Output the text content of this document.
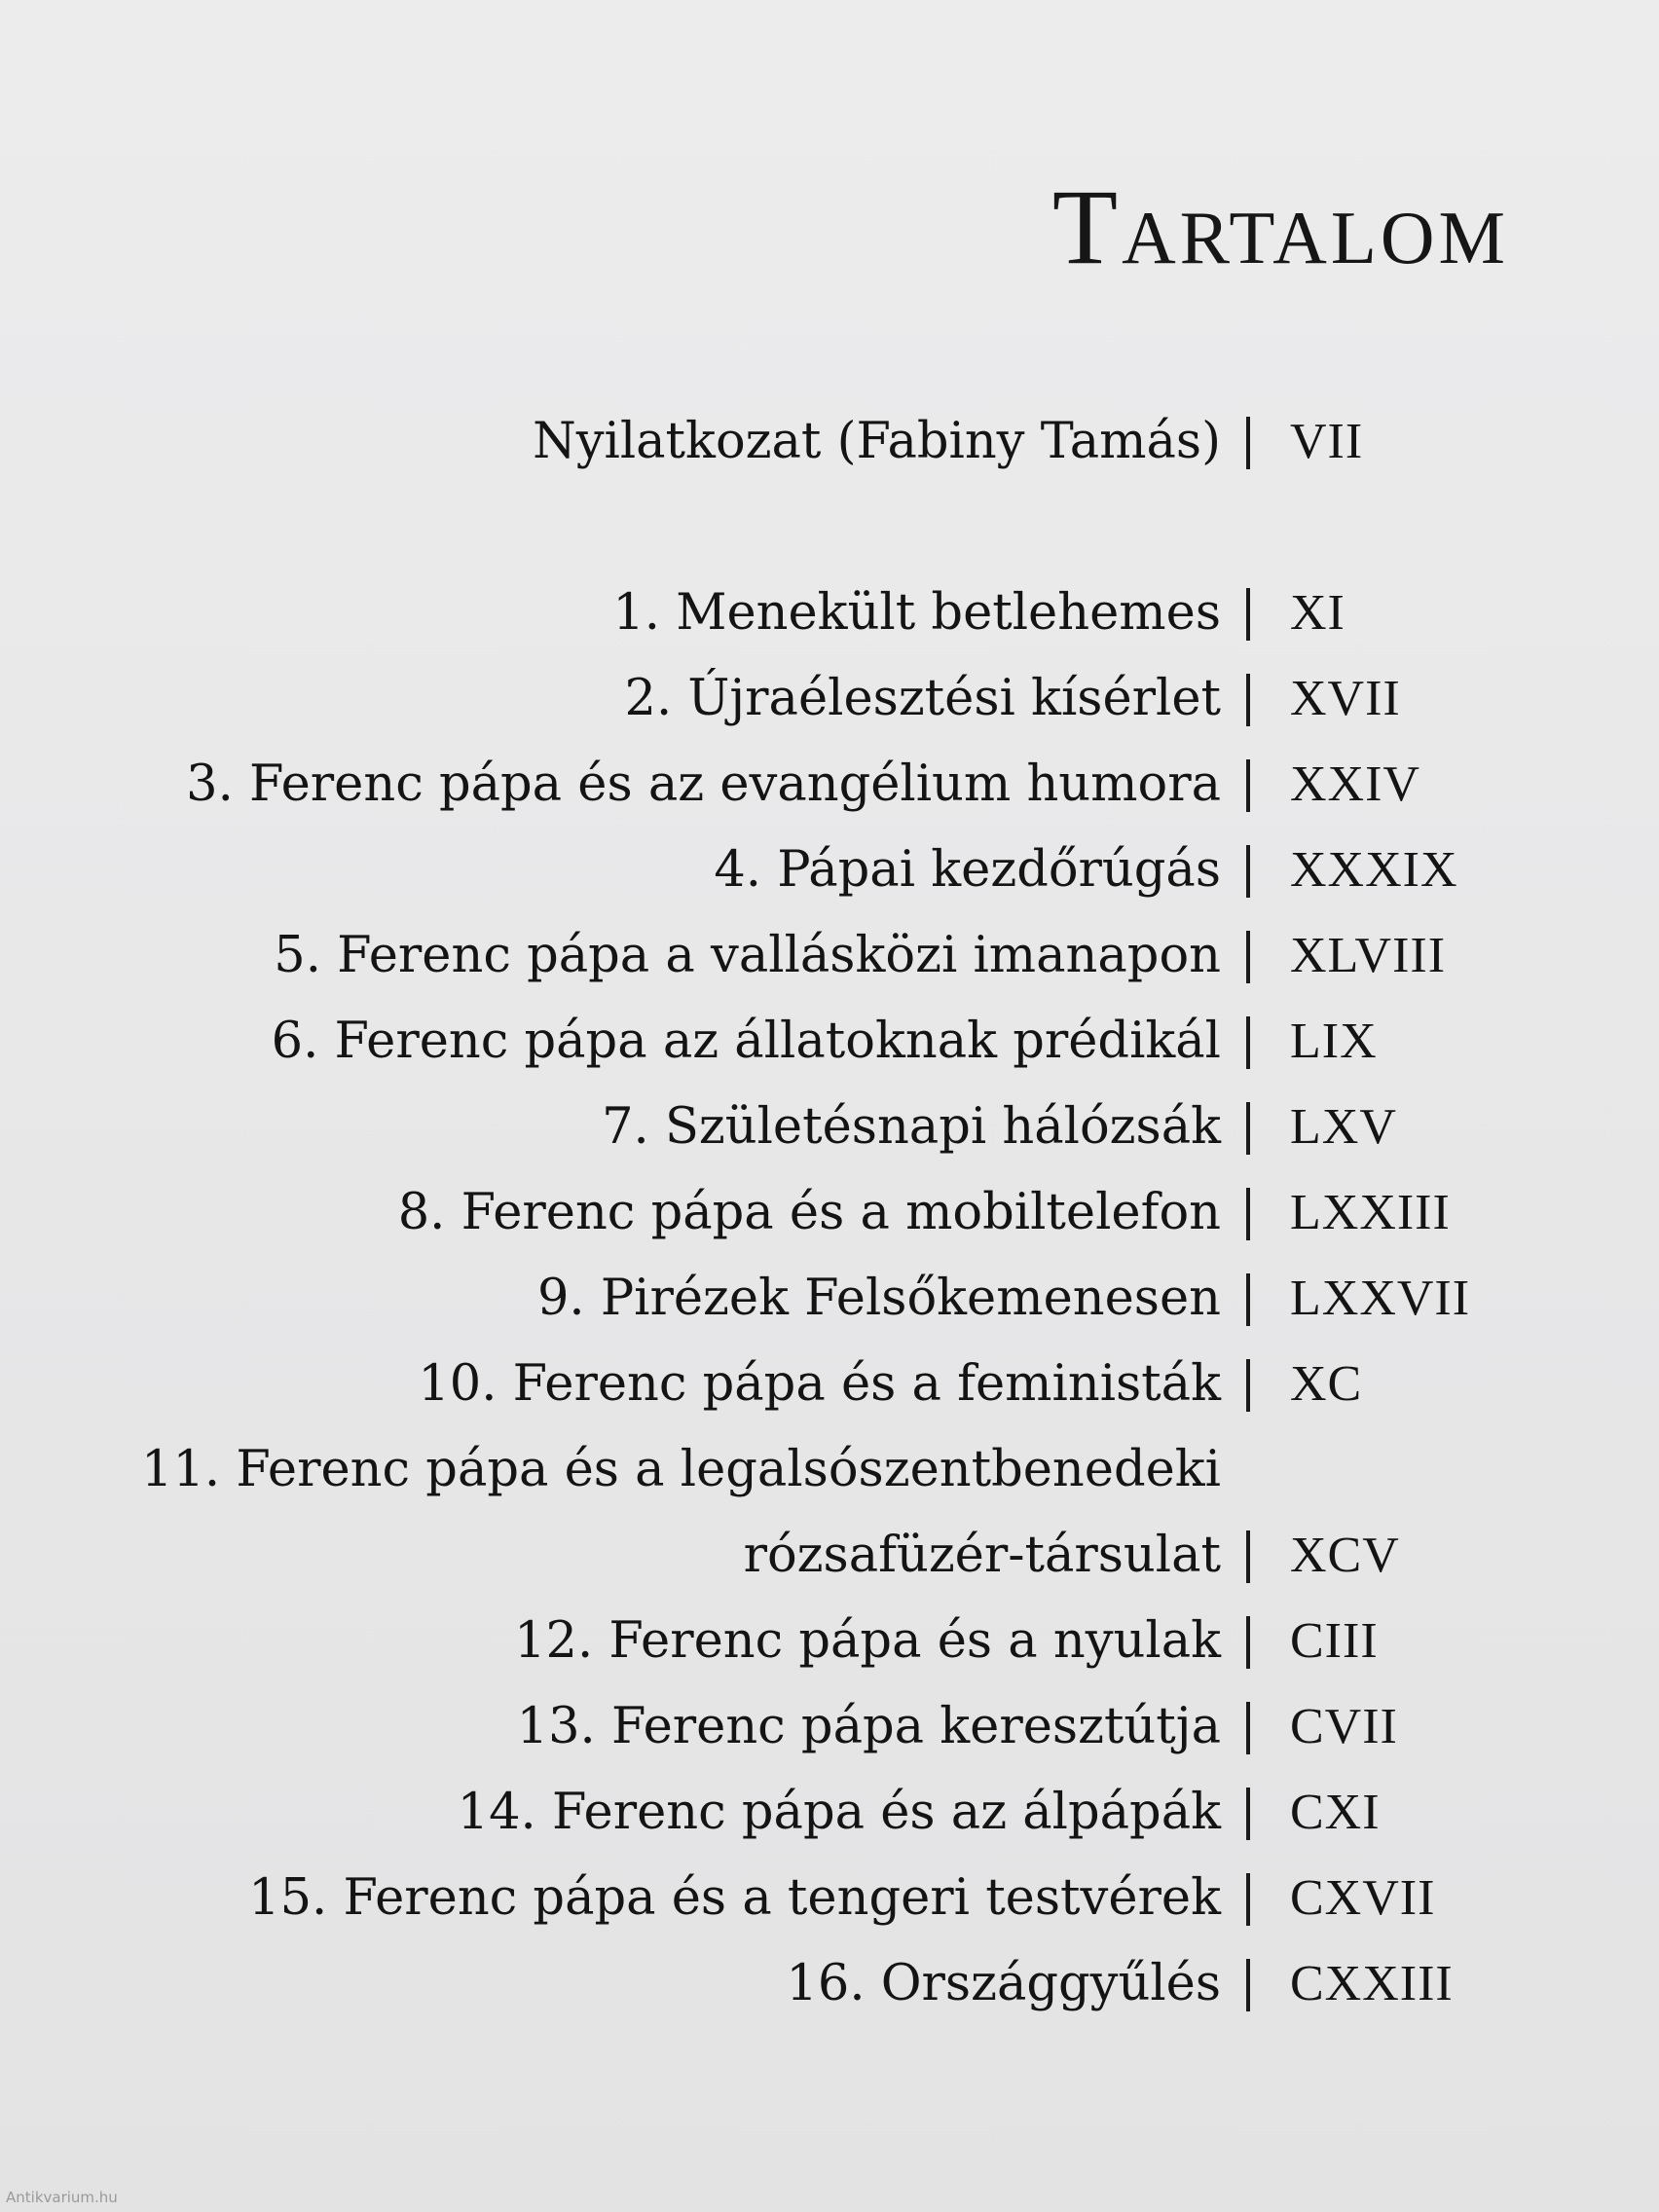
Tartalom
Nyilatkozat (Fabiny Tamás) VII
1. Menekült betlehemes XI
2. Újraélesztési kísérlet XVII
3. Ferenc pápa és az evangélium humora XXIV
4. Pápai kezdőrúgás XXXIX
5. Ferenc pápa a vallásközi imanapon XLVIII
6. Ferenc pápa az állatoknak prédikál LIX
7. Születésnapi hálózsák LXV
8. Ferenc pápa és a mobiltelefon LXXIII
9. Pirézek Felsőkemenesen LXXVII
10. Ferenc pápa és a feministák XC
11. Ferenc pápa és a legalsószentbenedeki
rózsafüzér-társulat XCV
12. Ferenc pápa és a nyulak CIII
13. Ferenc pápa keresztútja CVII
14. Ferenc pápa és az álpápák CXI
15. Ferenc pápa és a tengeri testvérek CXVII
16. Országgyűlés CXXIII
Antikvarium.hu
